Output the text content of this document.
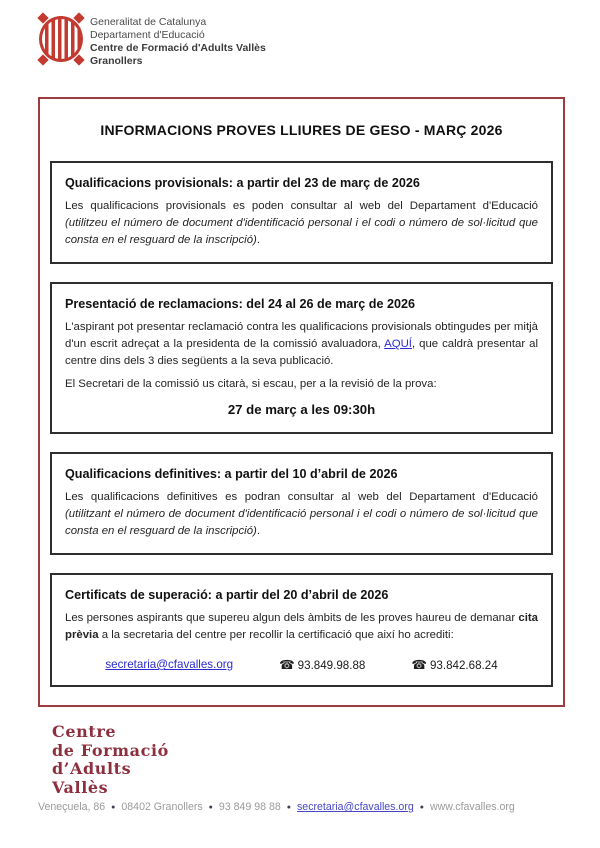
Generalitat de Catalunya
Departament d'Educació
Centre de Formació d'Adults Vallès
Granollers
INFORMACIONS PROVES LLIURES DE GESO - MARÇ 2026
Qualificacions provisionals: a partir del 23 de març de 2026

Les qualificacions provisionals es poden consultar al web del Departament d'Educació (utilitzeu el número de document d'identificació personal i el codi o número de sol·licitud que consta en el resguard de la inscripció).

Presentació de reclamacions: del 24 al 26 de març de 2026

L'aspirant pot presentar reclamació contra les qualificacions provisionals obtingudes per mitjà d'un escrit adreçat a la presidenta de la comissió avaluadora, AQUÍ, que caldrà presentar al centre dins dels 3 dies següents a la seva publicació.

El Secretari de la comissió us citarà, si escau, per a la revisió de la prova:

27 de març a les 09:30h
Qualificacions definitives: a partir del 10 d’abril de 2026

Les qualificacions definitives es podran consultar al web del Departament d'Educació (utilitzant el número de document d'identificació personal i el codi o número de sol·licitud que consta en el resguard de la inscripció).

Certificats de superació: a partir del 20 d’abril de 2026

Les persones aspirants que supereu algun dels àmbits de les proves haureu de demanar cita prèvia a la secretaria del centre per recollir la certificació que així ho acrediti:

secretaria@cfavalles.org	☎ 93.849.98.88	☎ 93.842.68.24
Centre
de Formació
d’Adults
Vallès
Veneçuela, 86 ● 08402 Granollers ● 93 849 98 88 ● secretaria@cfavalles.org ● www.cfavalles.org
